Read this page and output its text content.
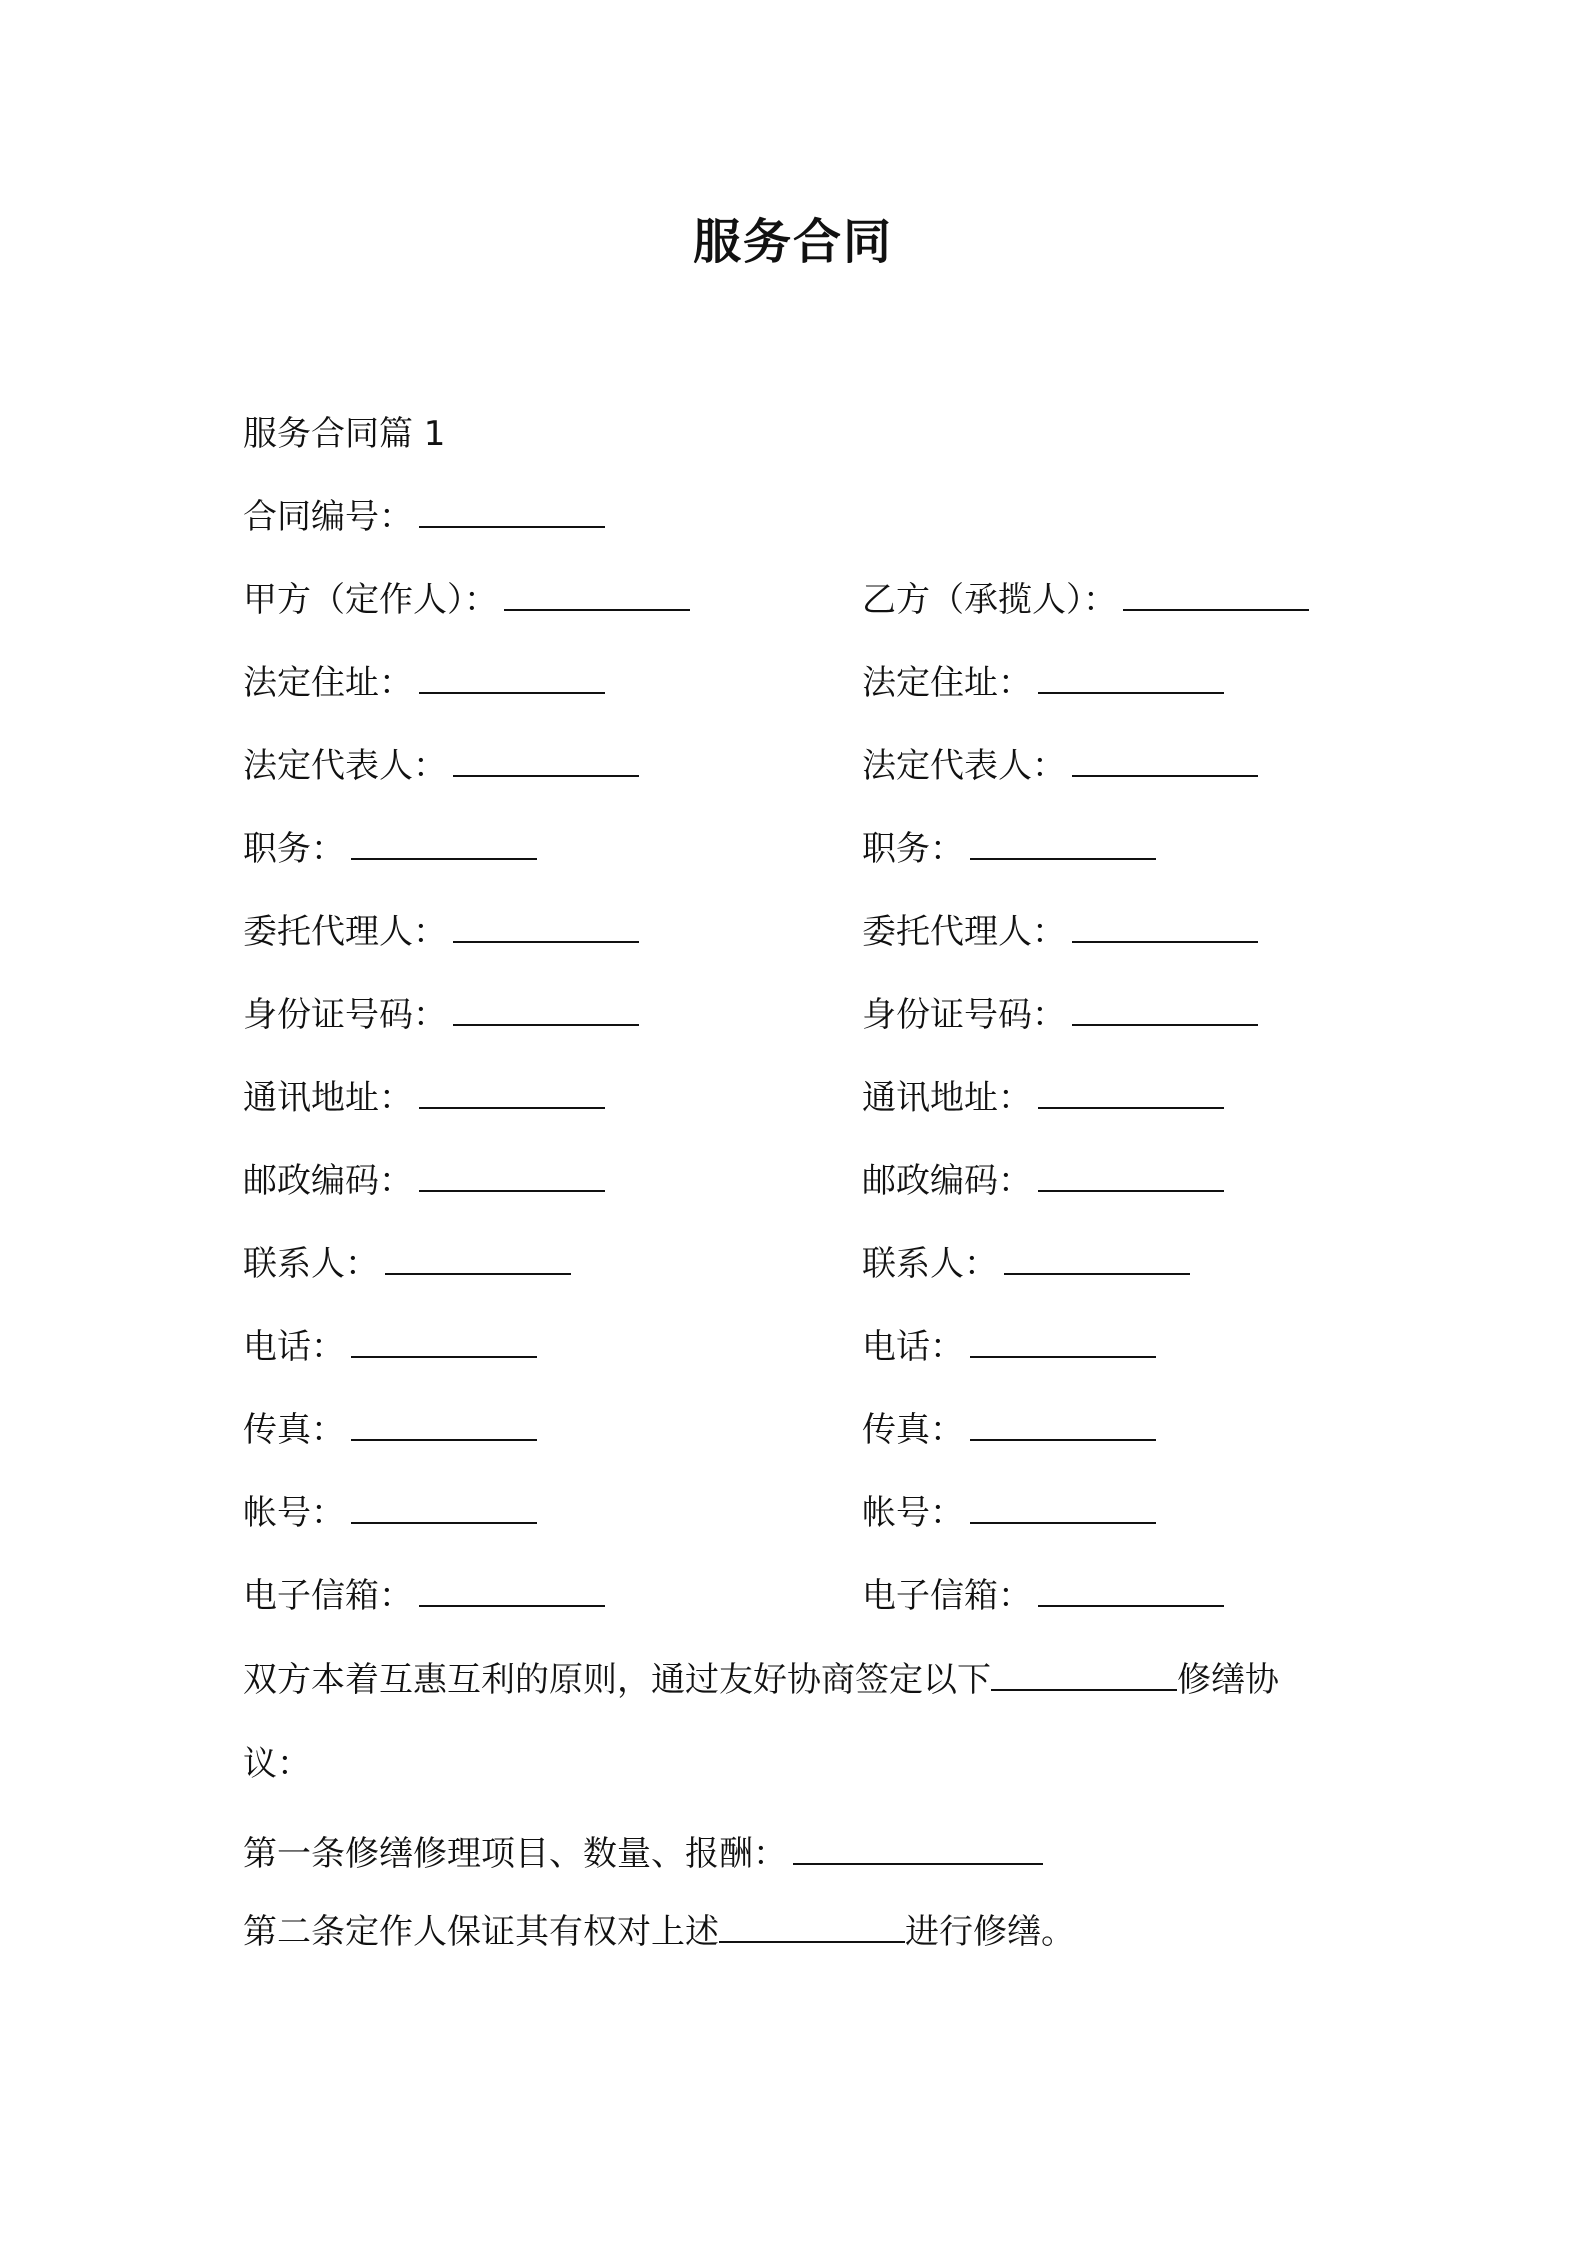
服务合同
服务合同篇 1
合同编号：
甲方（定作人）：
法定住址：
法定代表人：
职务：
委托代理人：
身份证号码：
通讯地址：
邮政编码：
联系人：
电话：
传真：
帐号：
电子信箱：
乙方（承揽人）：
法定住址：
法定代表人：
职务：
委托代理人：
身份证号码：
通讯地址：
邮政编码：
联系人：
电话：
传真：
帐号：
电子信箱：
双方本着互惠互利的原则，通过友好协商签定以下	修缮协
议：
第一条修缮修理项目、数量、报酬：
第二条定作人保证其有权对上述	进行修缮。
